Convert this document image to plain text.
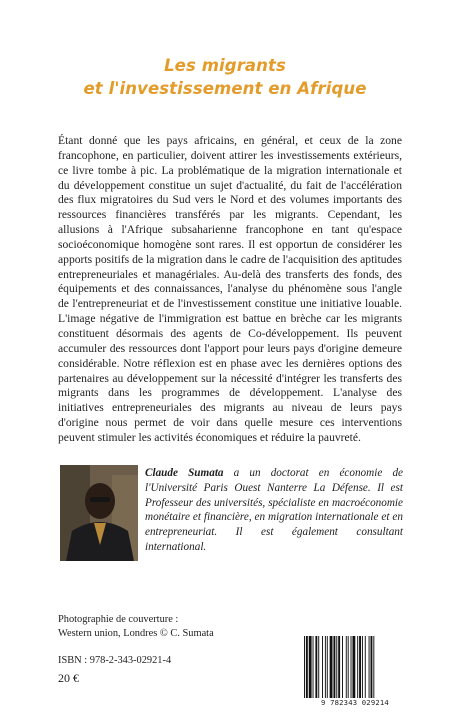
Les migrants
et l'investissement en Afrique

Étant donné que les pays africains, en général, et ceux de la zone francophone, en particulier, doivent attirer les investissements extérieurs, ce livre tombe à pic. La problématique de la migration internationale et du développement constitue un sujet d'actualité, du fait de l'accélération des flux migratoires du Sud vers le Nord et des volumes importants des ressources financières transférés par les migrants. Cependant, les allusions à l'Afrique subsaharienne francophone en tant qu'espace socioéconomique homogène sont rares. Il est opportun de considérer les apports positifs de la migration dans le cadre de l'acquisition des aptitudes entrepreneuriales et managériales. Au-delà des transferts des fonds, des équipements et des connaissances, l'analyse du phénomène sous l'angle de l'entrepreneuriat et de l'investissement constitue une initiative louable. L'image négative de l'immigration est battue en brèche car les migrants constituent désormais des agents de Co-développement. Ils peuvent accumuler des ressources dont l'apport pour leurs pays d'origine demeure considérable. Notre réflexion est en phase avec les dernières options des partenaires au développement sur la nécessité d'intégrer les transferts des migrants dans les programmes de développement. L'analyse des initiatives entrepreneuriales des migrants au niveau de leurs pays d'origine nous permet de voir dans quelle mesure ces interventions peuvent stimuler les activités économiques et réduire la pauvreté.

Claude Sumata a un doctorat en économie de l'Université Paris Ouest Nanterre La Défense. Il est Professeur des universités, spécialiste en macroéconomie monétaire et financière, en migration internationale et en entrepreneuriat. Il est également consultant international.

Photographie de couverture :
Western union, Londres © C. Sumata
ISBN : 978-2-343-02921-4
20 €
9 782343 029214
